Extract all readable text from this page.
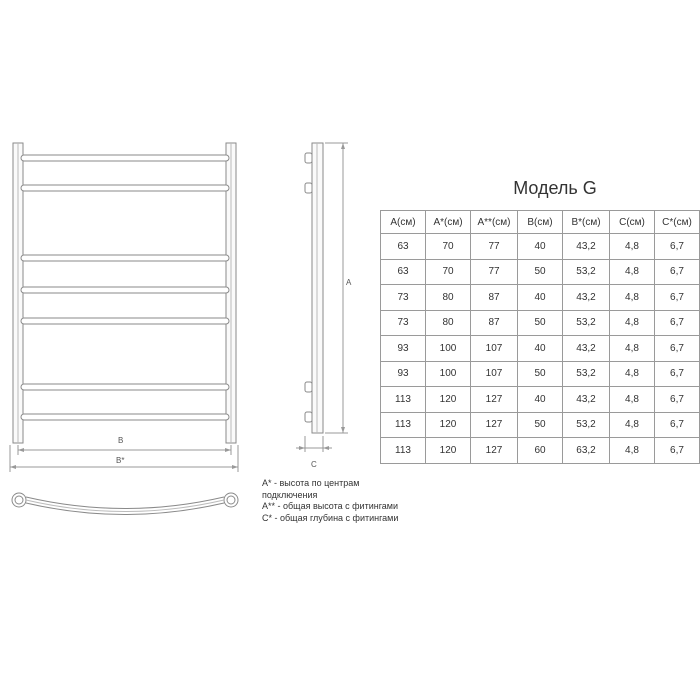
B
B*
A
C
Модель G
A(см)	A*(см)	A**(см)	B(см)	B*(см)	C(см)	C*(см)
63	70	77	40	43,2	4,8	6,7
63	70	77	50	53,2	4,8	6,7
73	80	87	40	43,2	4,8	6,7
73	80	87	50	53,2	4,8	6,7
93	100	107	40	43,2	4,8	6,7
93	100	107	50	53,2	4,8	6,7
113	120	127	40	43,2	4,8	6,7
113	120	127	50	53,2	4,8	6,7
113	120	127	60	63,2	4,8	6,7
A* - высота по центрам подключения
A** - общая высота с фитингами
C* - общая глубина с фитингами
